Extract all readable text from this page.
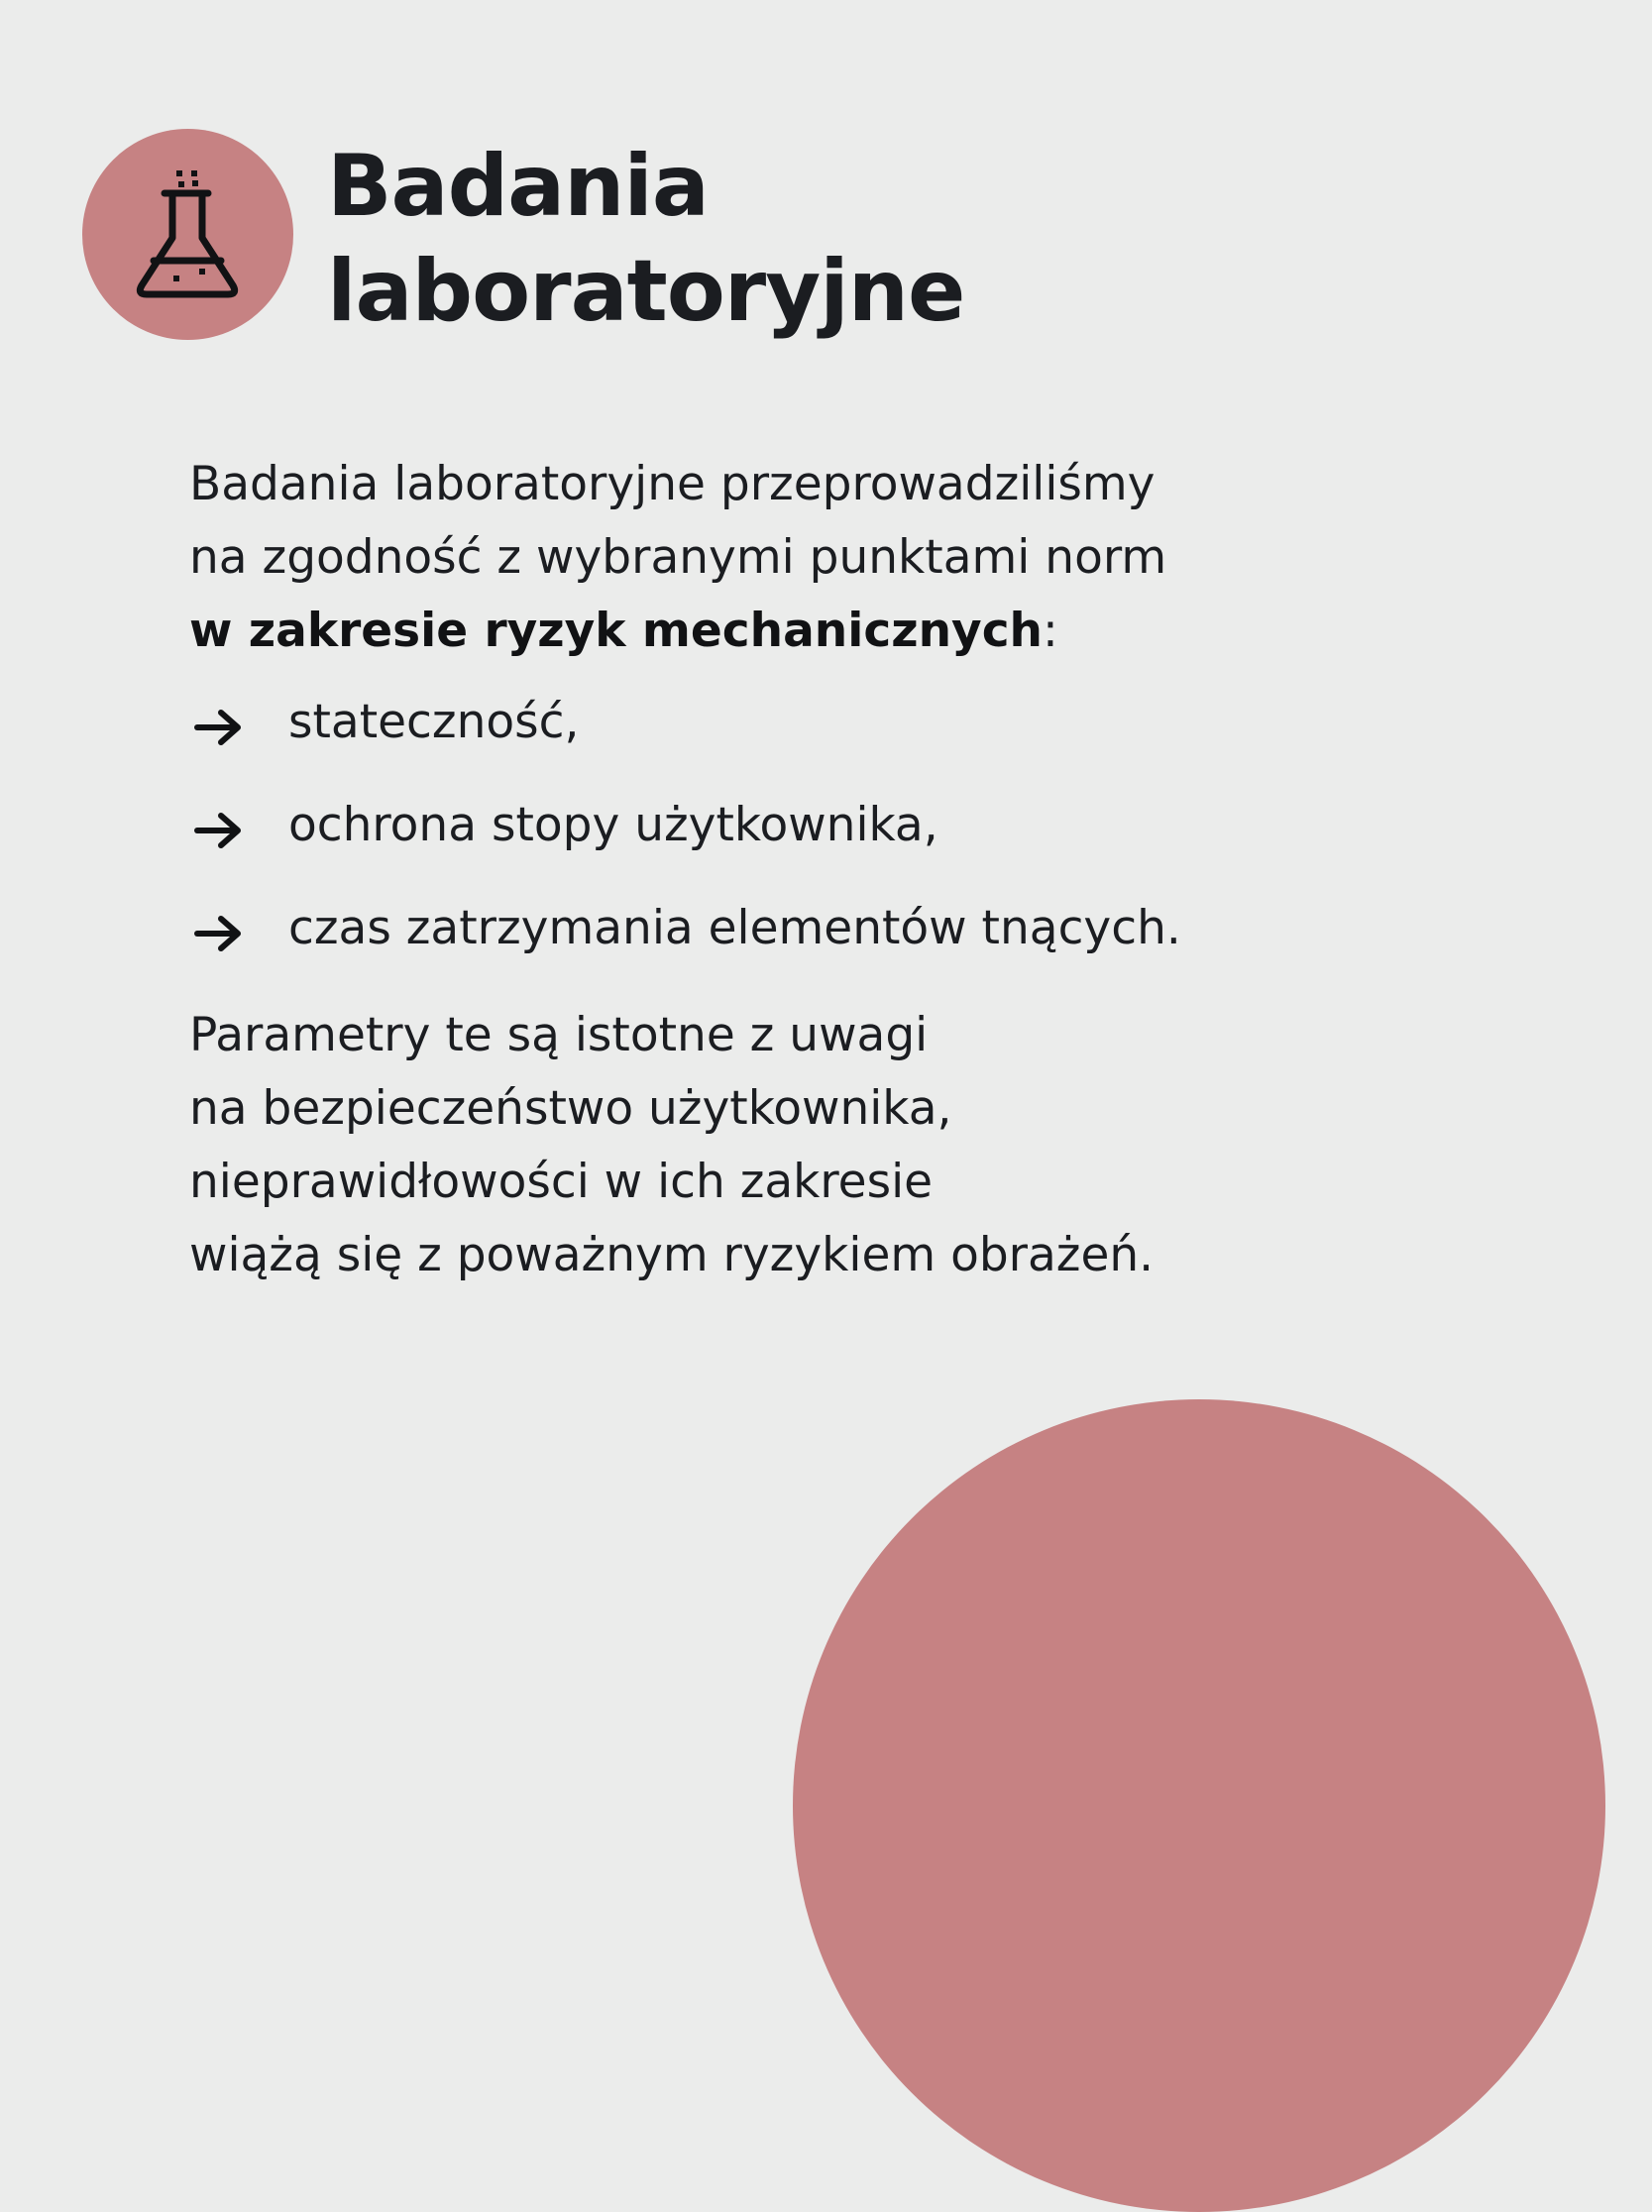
Badania
laboratoryjne

Badania laboratoryjne przeprowadziliśmy
na zgodność z wybranymi punktami norm
w zakresie ryzyk mechanicznych:

stateczność,
ochrona stopy użytkownika,
czas zatrzymania elementów tnących.

Parametry te są istotne z uwagi
na bezpieczeństwo użytkownika,
nieprawidłowości w ich zakresie
wiążą się z poważnym ryzykiem obrażeń.
